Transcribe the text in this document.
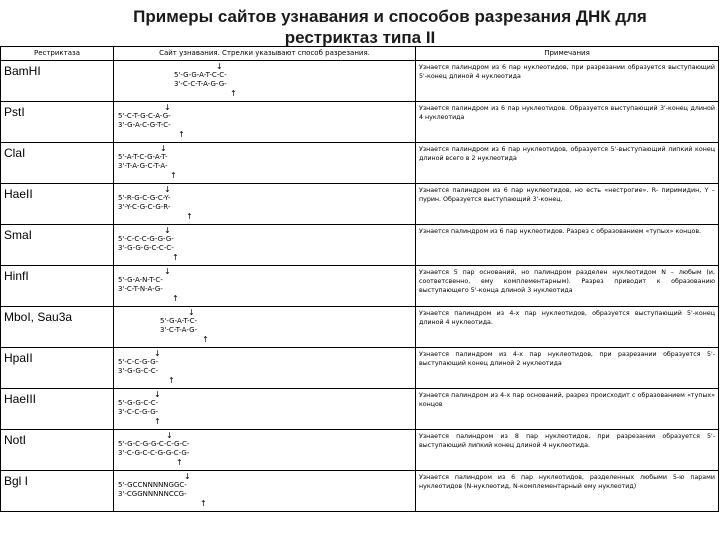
Примеры сайтов узнавания и способов разрезания ДНК для
рестриктаз типа II
Рестриктаза	Сайт узнавания. Стрелки указывают способ разрезания.	Примечания

BamHI	↓
5'-G-G-A-T-C-C-
3'-C-C-T-A-G-G-
↑	Узнается палиндром из 6 пар нуклеотидов, при разрезании образуется выступающий 5'-конец длиной 4 нуклеотида

PstI	↓
5'-C-T-G-C-A-G-
3'-G-A-C-G-T-C-
↑	Узнается палиндром из 6 пар нуклеотидов. Образуется выступающий 3'-конец длиной 4 нуклеотида

ClaI	↓
5'-A-T-C-G-A-T-
3'-T-A-G-C-T-A-
↑	Узнается палиндром из 6 пар нуклеотидов, образуется 5'-выступающий липкий конец длиной всего в 2 нуклеотида

HaeII	↓
5'-R-G-C-G-C-Y-
3'-Y-C-G-C-G-R-
↑	Узнается палиндром из 6 пар нуклеотидов, но есть «нестрогие». R- пиримидин, Y – пурин. Образуется выступающий 3'-конец.

SmaI	↓
5'-C-C-C-G-G-G-
3'-G-G-G-C-C-C-
↑	Узнается палиндром из 6 пар нуклеотидов. Разрез с образованием «тупых» концов.

HinfI	↓
5'-G-A-N-T-C-
3'-C-T-N-A-G-
↑	Узнается 5 пар оснований, но палиндром разделен нуклеотидом N – любым (и, соответсвенно, ему комплементарным). Разрез приводит к образованию выступающего 5'-конца длиной 3 нуклеотида

MboI, Sau3a	↓
5'-G-A-T-C-
3'-C-T-A-G-
↑	Узнается палиндром из 4-х пар нуклеотидов, образуется выступающий 5'-конец длиной 4 нуклеотида.

HpaII	↓
5'-C-C-G-G-
3'-G-G-C-C-
↑	Узнается палиндром из 4-х пар нуклеотидов, при разрезании образуется 5'-выступающий конец длиной 2 нуклеотида

HaeIII	↓
5'-G-G-C-C-
3'-C-C-G-G-
↑	Узнается палиндром из 4-х пар оснований, разрез происходит с образованием «тупых» концов

NotI	↓
5'-G-C-G-G-C-C-G-C-
3'-C-G-C-C-G-G-C-G-
↑	Узнается палиндром из 8 пар нуклеотидов, при разрезании образуется 5'-выступающий липкий конец длиной 4 нуклеотида.

Bgl I	↓
5'-GCCNNNNNGGC-
3'-CGGNNNNNCCG-
↑	Узнается палиндром из 6 пар нуклеотидов, разделенных любыми 5-ю парами нуклеотидов (N-нуклеотид, N-комплементарный ему нуклеотид)
